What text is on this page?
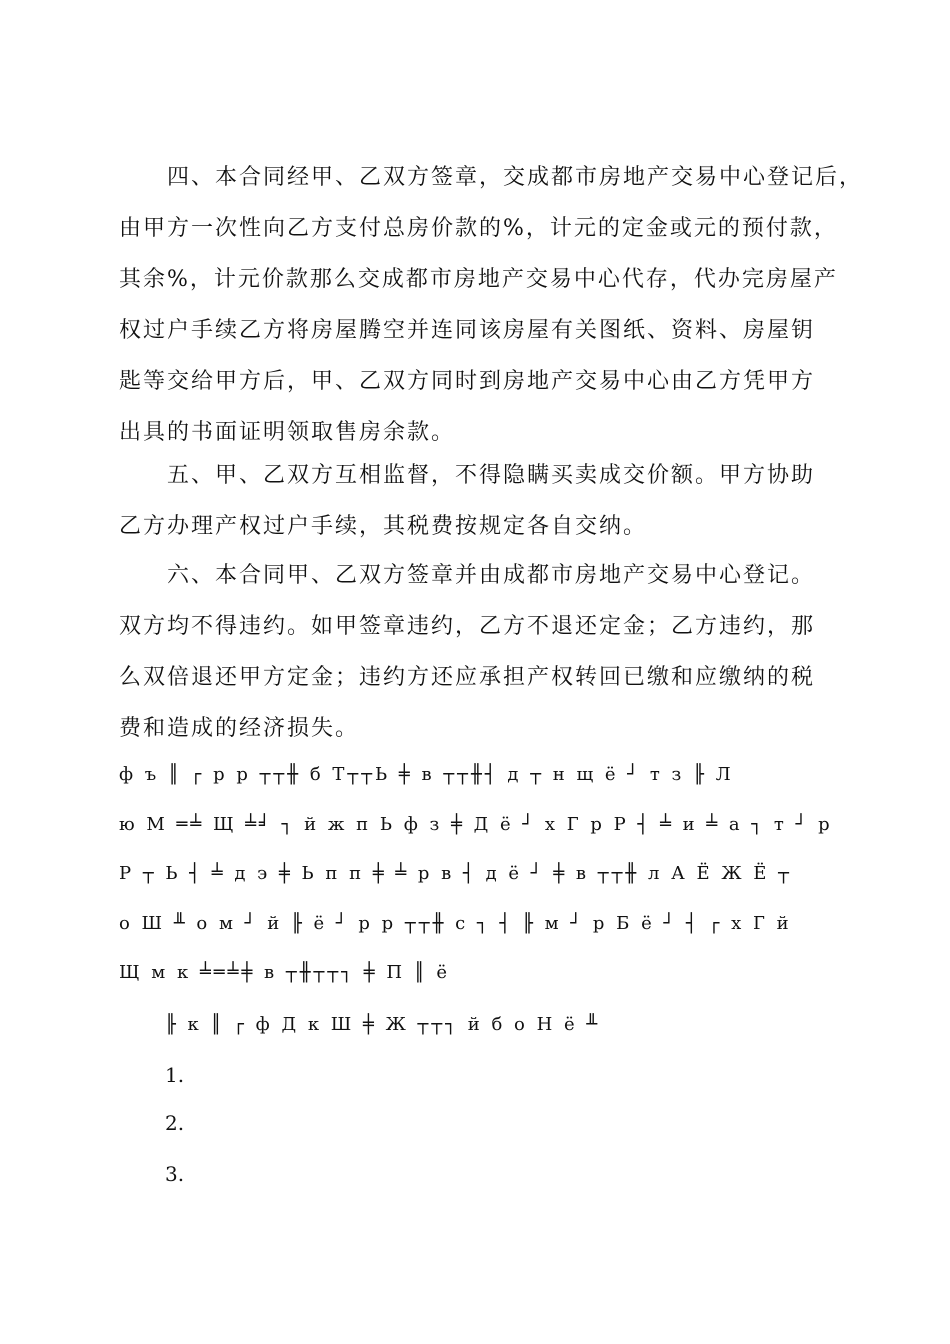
　　四、本合同经甲、乙双方签章，交成都市房地产交易中心登记后，
由甲方一次性向乙方支付总房价款的%，计元的定金或元的预付款，
其余%，计元价款那么交成都市房地产交易中心代存，代办完房屋产
权过户手续乙方将房屋腾空并连同该房屋有关图纸、资料、房屋钥
匙等交给甲方后，甲、乙双方同时到房地产交易中心由乙方凭甲方
出具的书面证明领取售房余款。
　　五、甲、乙双方互相监督，不得隐瞒买卖成交价额。甲方协助
乙方办理产权过户手续，其税费按规定各自交纳。
　　六、本合同甲、乙双方签章并由成都市房地产交易中心登记。
双方均不得违约。如甲签章违约，乙方不退还定金；乙方违约，那
么双倍退还甲方定金；违约方还应承担产权转回已缴和应缴纳的税
费和造成的经济损失。
ф ъ ║ ┌ р р ┬┬╫ б Т┬┬Ь ╪ в ┬┬╫┤ д ┬ н щ ё ┘ т з ╟ Л
ю М ═╧ Щ ╧╛ ┐ й ж п Ь ф з ╪ Д ё ┘ х Г р Р ┤ ╧ и ╧ а ┐ т ┘ р
Р ┬ Ь ┤ ╧ д э ╪ Ь п п ╪ ╧ р в ┤ д ё ┘ ╪ в ┬┬╫ л А Ё Ж Ё ┬
о Ш ╨ о м ┘ й ╟ ё ┘ р р ┬┬╫ с ┐ ┤ ╟ м ┘ р Б ё ┘ ┤ ┌ х Г й
Щ м к ╧═╧╪ в ┬╫┬┬┐ ╪ П ║ ё
╟ к ║ ┌ ф Д к Ш ╪ Ж ┬┬┐ й б о Н ё ╨
1.
2.
3.
